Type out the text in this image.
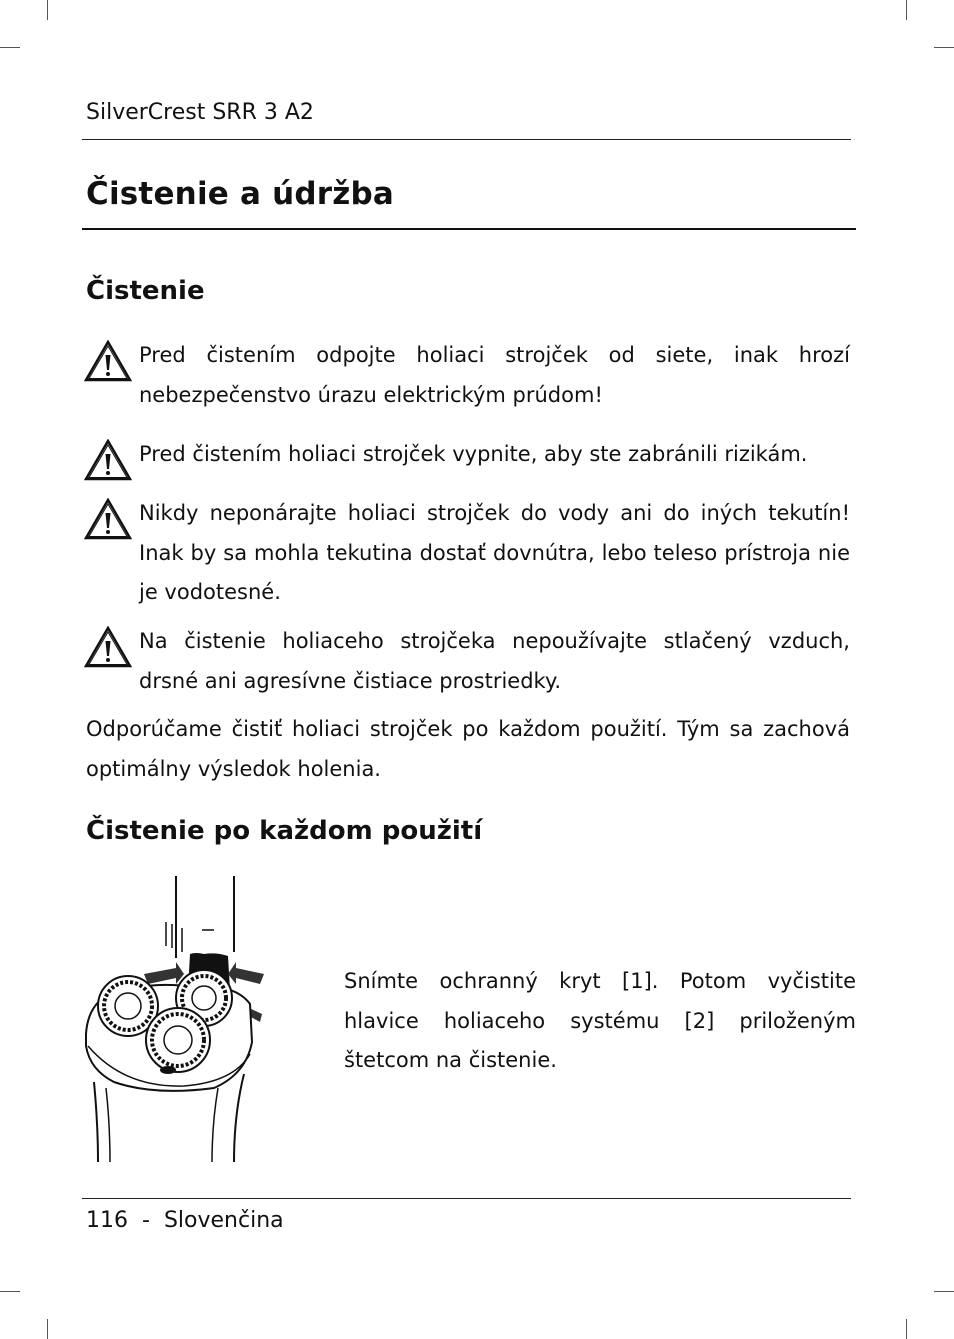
SilverCrest SRR 3 A2
Čistenie a údržba
Čistenie
Pred čistením odpojte holiaci strojček od siete, inak hrozí nebezpečenstvo úrazu elektrickým prúdom!
Pred čistením holiaci strojček vypnite, aby ste zabránili rizikám.
Nikdy neponárajte holiaci strojček do vody ani do iných tekutín! Inak by sa mohla tekutina dostať dovnútra, lebo teleso prístroja nie je vodotesné.
Na čistenie holiaceho strojčeka nepoužívajte stlačený vzduch, drsné ani agresívne čistiace prostriedky.
Odporúčame čistiť holiaci strojček po každom použití. Tým sa zachová optimálny výsledok holenia.
Čistenie po každom použití
Snímte ochranný kryt [1]. Potom vyčistite hlavice holiaceho systému [2] priloženým štetcom na čistenie.
116 - Slovenčina
